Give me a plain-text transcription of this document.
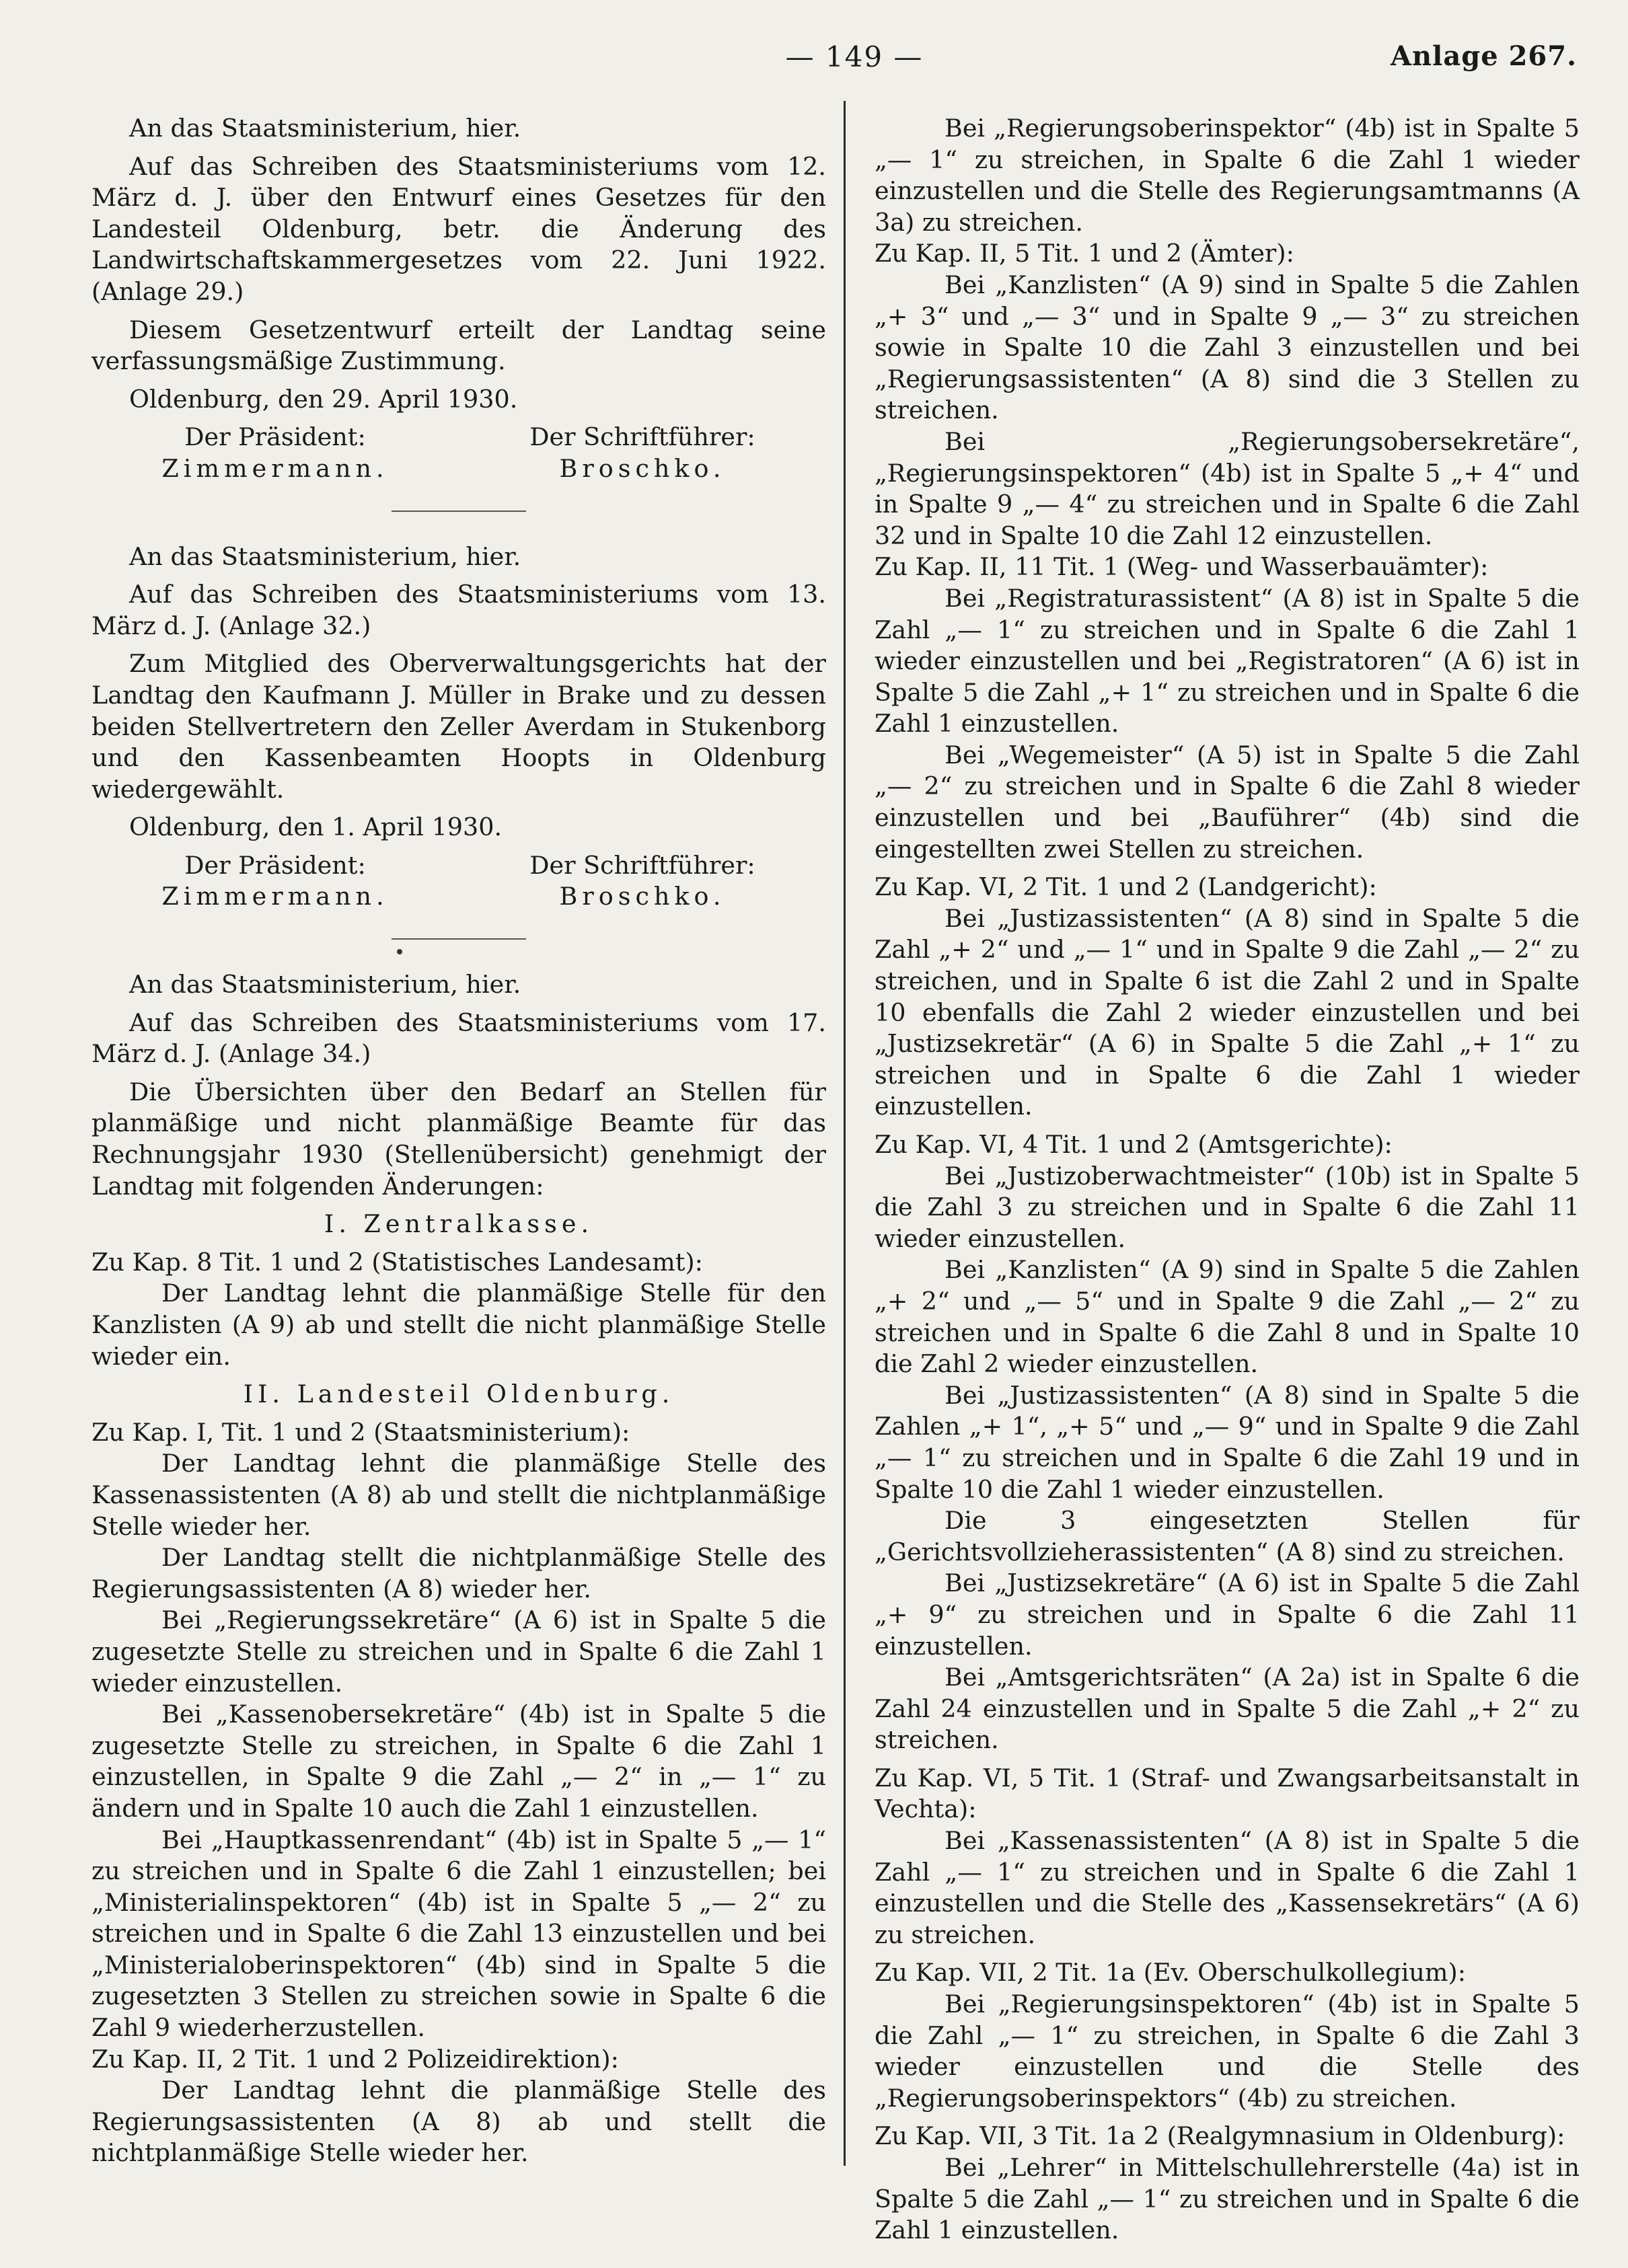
— 149 —	Anlage 267.

An das Staatsministerium, hier.

Auf das Schreiben des Staatsministeriums vom 12. März d. J. über den Entwurf eines Gesetzes für den Landesteil Oldenburg, betr. die Änderung des Landwirtschaftskammergesetzes vom 22. Juni 1922. (Anlage 29.)

Diesem Gesetzentwurf erteilt der Landtag seine verfassungsmäßige Zustimmung.

Oldenburg, den 29. April 1930.

Der Präsident:	Der Schriftführer:
Zimmermann.	Broschko.

An das Staatsministerium, hier.

Auf das Schreiben des Staatsministeriums vom 13. März d. J. (Anlage 32.)

Zum Mitglied des Oberverwaltungsgerichts hat der Landtag den Kaufmann J. Müller in Brake und zu dessen beiden Stellvertretern den Zeller Averdam in Stukenborg und den Kassenbeamten Hoopts in Oldenburg wiedergewählt.

Oldenburg, den 1. April 1930.

Der Präsident:	Der Schriftführer:
Zimmermann.	Broschko.

An das Staatsministerium, hier.

Auf das Schreiben des Staatsministeriums vom 17. März d. J. (Anlage 34.)

Die Übersichten über den Bedarf an Stellen für planmäßige und nicht planmäßige Beamte für das Rechnungsjahr 1930 (Stellenübersicht) genehmigt der Landtag mit folgenden Änderungen:

I. Zentralkasse.

Zu Kap. 8 Tit. 1 und 2 (Statistisches Landesamt):

Der Landtag lehnt die planmäßige Stelle für den Kanzlisten (A 9) ab und stellt die nicht planmäßige Stelle wieder ein.

II. Landesteil Oldenburg.

Zu Kap. I, Tit. 1 und 2 (Staatsministerium):

Der Landtag lehnt die planmäßige Stelle des Kassenassistenten (A 8) ab und stellt die nichtplanmäßige Stelle wieder her.

Der Landtag stellt die nichtplanmäßige Stelle des Regierungsassistenten (A 8) wieder her.

Bei „Regierungssekretäre“ (A 6) ist in Spalte 5 die zugesetzte Stelle zu streichen und in Spalte 6 die Zahl 1 wieder einzustellen.

Bei „Kassenobersekretäre“ (4b) ist in Spalte 5 die zugesetzte Stelle zu streichen, in Spalte 6 die Zahl 1 einzustellen, in Spalte 9 die Zahl „— 2“ in „— 1“ zu ändern und in Spalte 10 auch die Zahl 1 einzustellen.

Bei „Hauptkassenrendant“ (4b) ist in Spalte 5 „— 1“ zu streichen und in Spalte 6 die Zahl 1 einzustellen; bei „Ministerialinspektoren“ (4b) ist in Spalte 5 „— 2“ zu streichen und in Spalte 6 die Zahl 13 einzustellen und bei „Ministerialoberinspektoren“ (4b) sind in Spalte 5 die zugesetzten 3 Stellen zu streichen sowie in Spalte 6 die Zahl 9 wiederherzustellen.

Zu Kap. II, 2 Tit. 1 und 2 Polizeidirektion):

Der Landtag lehnt die planmäßige Stelle des Regierungsassistenten (A 8) ab und stellt die nichtplanmäßige Stelle wieder her.

Bei „Regierungsoberinspektor“ (4b) ist in Spalte 5 „— 1“ zu streichen, in Spalte 6 die Zahl 1 wieder einzustellen und die Stelle des Regierungsamtmanns (A 3a) zu streichen.

Zu Kap. II, 5 Tit. 1 und 2 (Ämter):

Bei „Kanzlisten“ (A 9) sind in Spalte 5 die Zahlen „+ 3“ und „— 3“ und in Spalte 9 „— 3“ zu streichen sowie in Spalte 10 die Zahl 3 einzustellen und bei „Regierungsassistenten“ (A 8) sind die 3 Stellen zu streichen.

Bei „Regierungsobersekretäre“, „Regierungsinspektoren“ (4b) ist in Spalte 5 „+ 4“ und in Spalte 9 „— 4“ zu streichen und in Spalte 6 die Zahl 32 und in Spalte 10 die Zahl 12 einzustellen.

Zu Kap. II, 11 Tit. 1 (Weg- und Wasserbauämter):

Bei „Registraturassistent“ (A 8) ist in Spalte 5 die Zahl „— 1“ zu streichen und in Spalte 6 die Zahl 1 wieder einzustellen und bei „Registratoren“ (A 6) ist in Spalte 5 die Zahl „+ 1“ zu streichen und in Spalte 6 die Zahl 1 einzustellen.

Bei „Wegemeister“ (A 5) ist in Spalte 5 die Zahl „— 2“ zu streichen und in Spalte 6 die Zahl 8 wieder einzustellen und bei „Bauführer“ (4b) sind die eingestellten zwei Stellen zu streichen.

Zu Kap. VI, 2 Tit. 1 und 2 (Landgericht):

Bei „Justizassistenten“ (A 8) sind in Spalte 5 die Zahl „+ 2“ und „— 1“ und in Spalte 9 die Zahl „— 2“ zu streichen, und in Spalte 6 ist die Zahl 2 und in Spalte 10 ebenfalls die Zahl 2 wieder einzustellen und bei „Justizsekretär“ (A 6) in Spalte 5 die Zahl „+ 1“ zu streichen und in Spalte 6 die Zahl 1 wieder einzustellen.

Zu Kap. VI, 4 Tit. 1 und 2 (Amtsgerichte):

Bei „Justizoberwachtmeister“ (10b) ist in Spalte 5 die Zahl 3 zu streichen und in Spalte 6 die Zahl 11 wieder einzustellen.

Bei „Kanzlisten“ (A 9) sind in Spalte 5 die Zahlen „+ 2“ und „— 5“ und in Spalte 9 die Zahl „— 2“ zu streichen und in Spalte 6 die Zahl 8 und in Spalte 10 die Zahl 2 wieder einzustellen.

Bei „Justizassistenten“ (A 8) sind in Spalte 5 die Zahlen „+ 1“, „+ 5“ und „— 9“ und in Spalte 9 die Zahl „— 1“ zu streichen und in Spalte 6 die Zahl 19 und in Spalte 10 die Zahl 1 wieder einzustellen.

Die 3 eingesetzten Stellen für „Gerichtsvollzieherassistenten“ (A 8) sind zu streichen.

Bei „Justizsekretäre“ (A 6) ist in Spalte 5 die Zahl „+ 9“ zu streichen und in Spalte 6 die Zahl 11 einzustellen.

Bei „Amtsgerichtsräten“ (A 2a) ist in Spalte 6 die Zahl 24 einzustellen und in Spalte 5 die Zahl „+ 2“ zu streichen.

Zu Kap. VI, 5 Tit. 1 (Straf- und Zwangsarbeitsanstalt in Vechta):

Bei „Kassenassistenten“ (A 8) ist in Spalte 5 die Zahl „— 1“ zu streichen und in Spalte 6 die Zahl 1 einzustellen und die Stelle des „Kassensekretärs“ (A 6) zu streichen.

Zu Kap. VII, 2 Tit. 1a (Ev. Oberschulkollegium):

Bei „Regierungsinspektoren“ (4b) ist in Spalte 5 die Zahl „— 1“ zu streichen, in Spalte 6 die Zahl 3 wieder einzustellen und die Stelle des „Regierungsoberinspektors“ (4b) zu streichen.

Zu Kap. VII, 3 Tit. 1a 2 (Realgymnasium in Oldenburg):

Bei „Lehrer“ in Mittelschullehrerstelle (4a) ist in Spalte 5 die Zahl „— 1“ zu streichen und in Spalte 6 die Zahl 1 einzustellen.
